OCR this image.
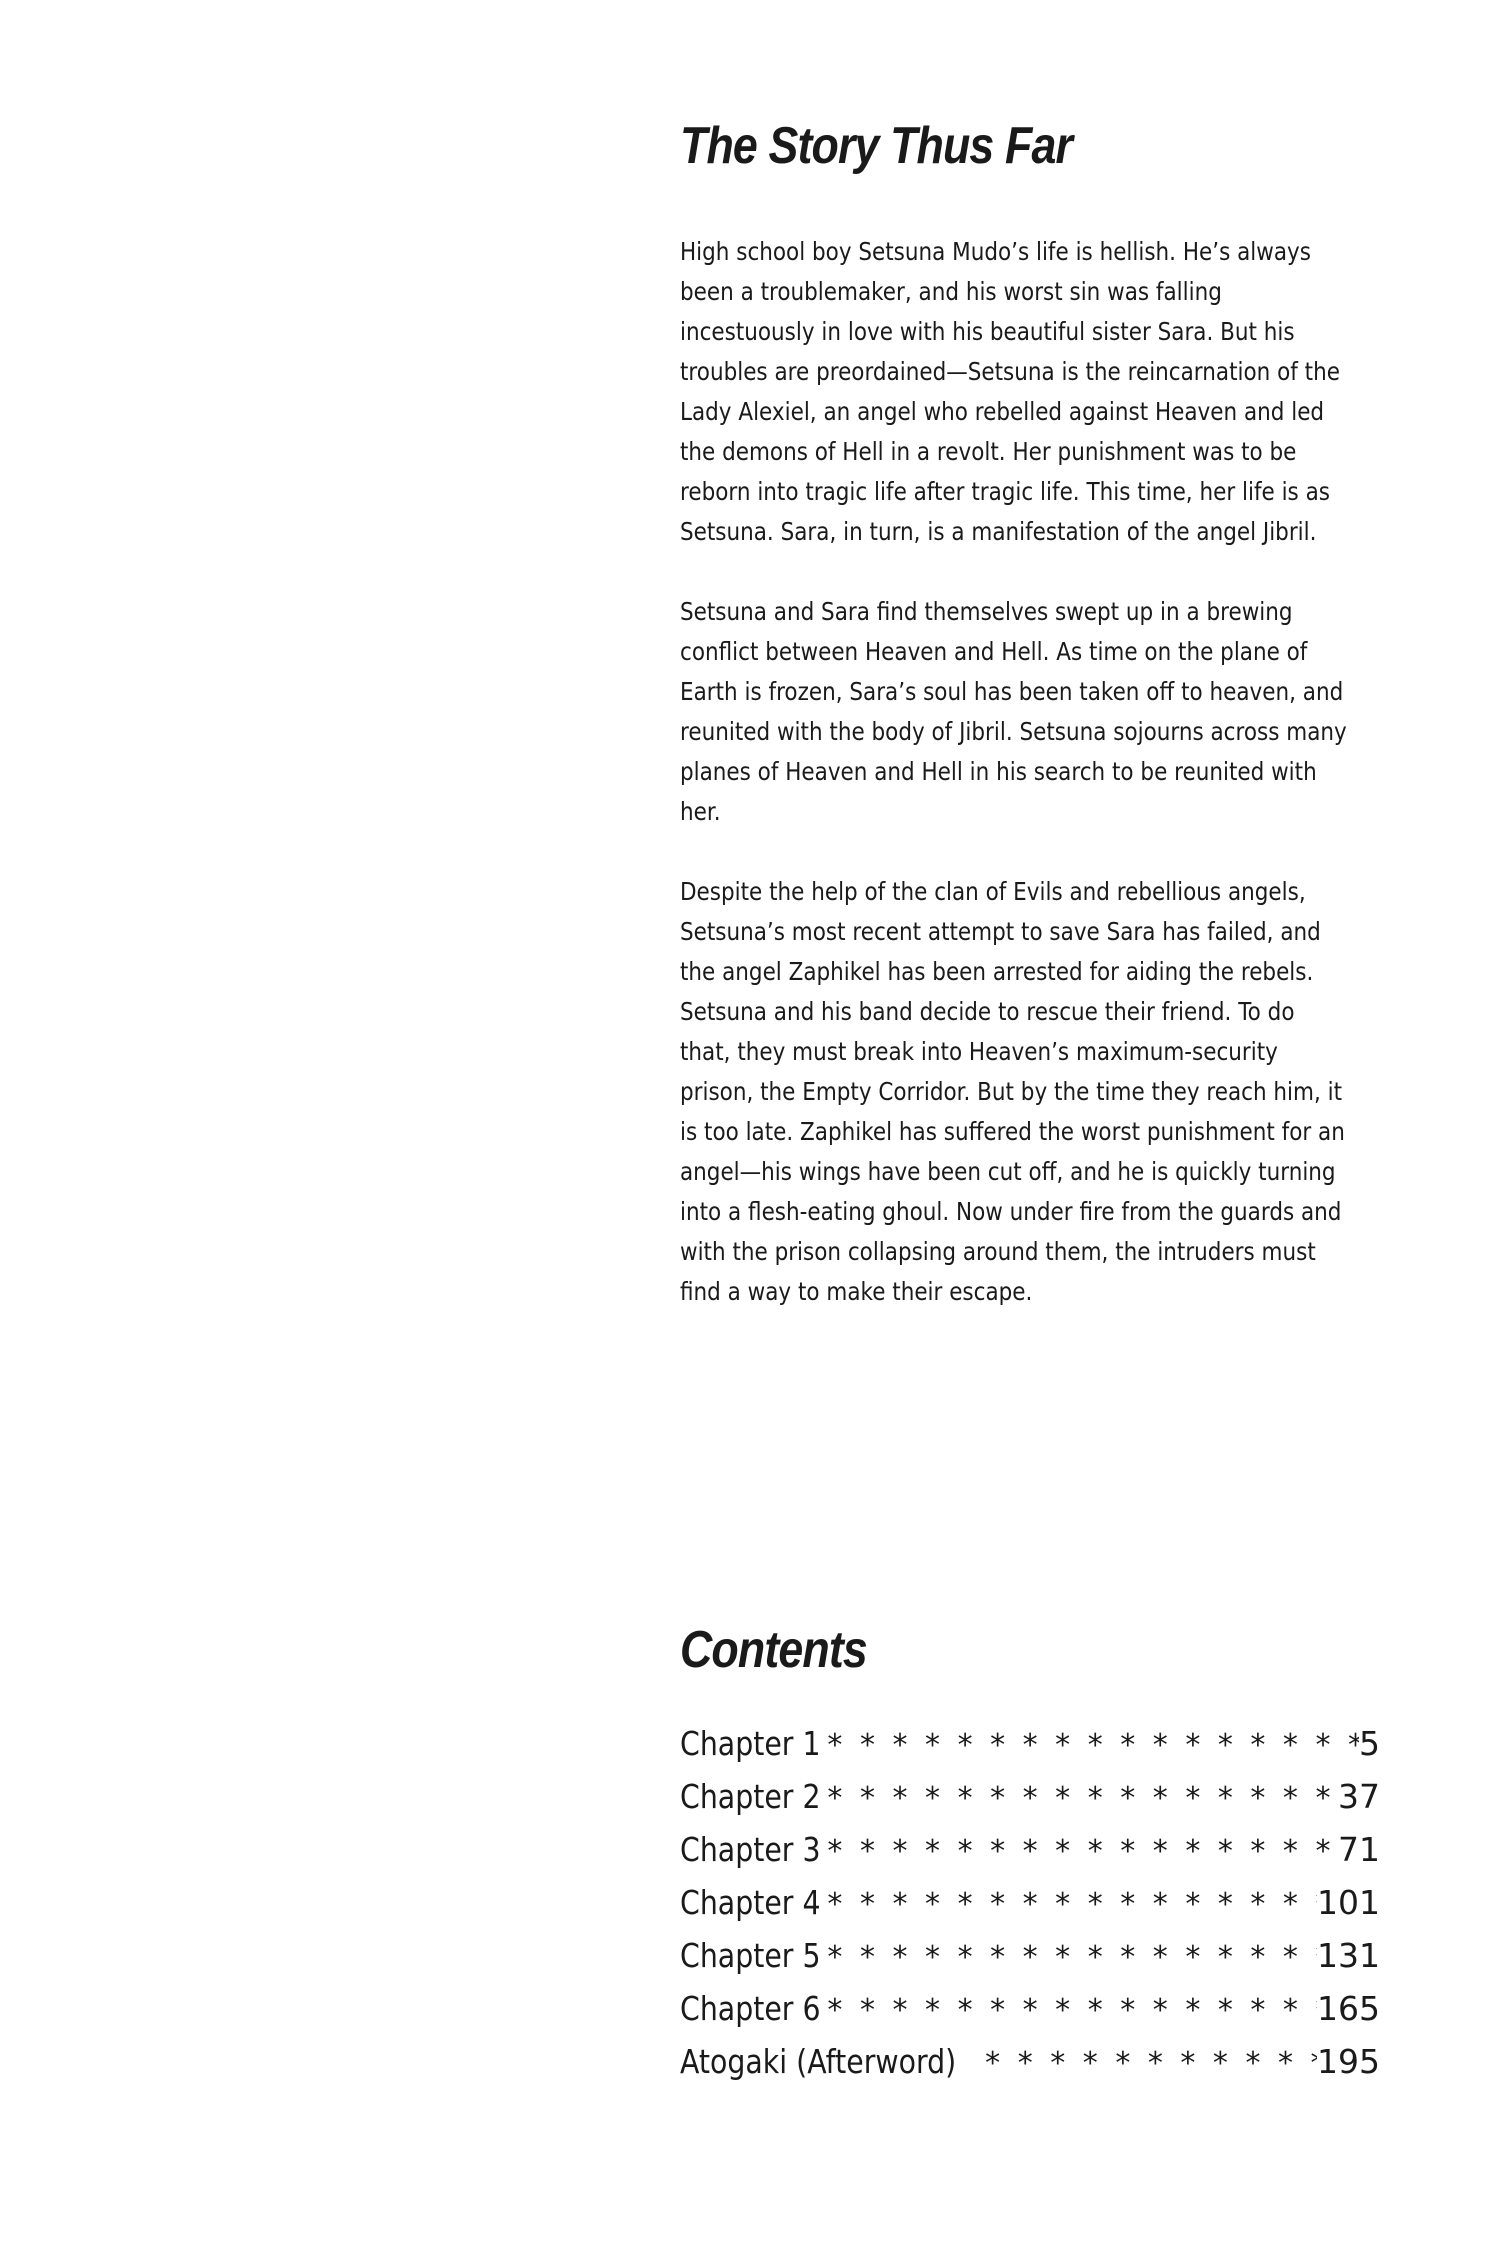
The Story Thus Far

High school boy Setsuna Mudo’s life is hellish. He’s always been a troublemaker, and his worst sin was falling incestuously in love with his beautiful sister Sara. But his troubles are preordained—Setsuna is the reincarnation of the Lady Alexiel, an angel who rebelled against Heaven and led the demons of Hell in a revolt. Her punishment was to be reborn into tragic life after tragic life. This time, her life is as Setsuna. Sara, in turn, is a manifestation of the angel Jibril.

Setsuna and Sara find themselves swept up in a brewing conflict between Heaven and Hell. As time on the plane of Earth is frozen, Sara’s soul has been taken off to heaven, and reunited with the body of Jibril. Setsuna sojourns across many planes of Heaven and Hell in his search to be reunited with her.

Despite the help of the clan of Evils and rebellious angels, Setsuna’s most recent attempt to save Sara has failed, and the angel Zaphikel has been arrested for aiding the rebels. Setsuna and his band decide to rescue their friend. To do that, they must break into Heaven’s maximum-security prison, the Empty Corridor. But by the time they reach him, it is too late. Zaphikel has suffered the worst punishment for an angel—his wings have been cut off, and he is quickly turning into a flesh-eating ghoul. Now under fire from the guards and with the prison collapsing around them, the intruders must find a way to make their escape.

Contents
Chapter 1 * * *	5
Chapter 2 * * *	37
Chapter 3 * * *	71
Chapter 4 * * *	101
Chapter 5 * * *	131
Chapter 6 * * *	165
Atogaki (Afterword) * * *	195
